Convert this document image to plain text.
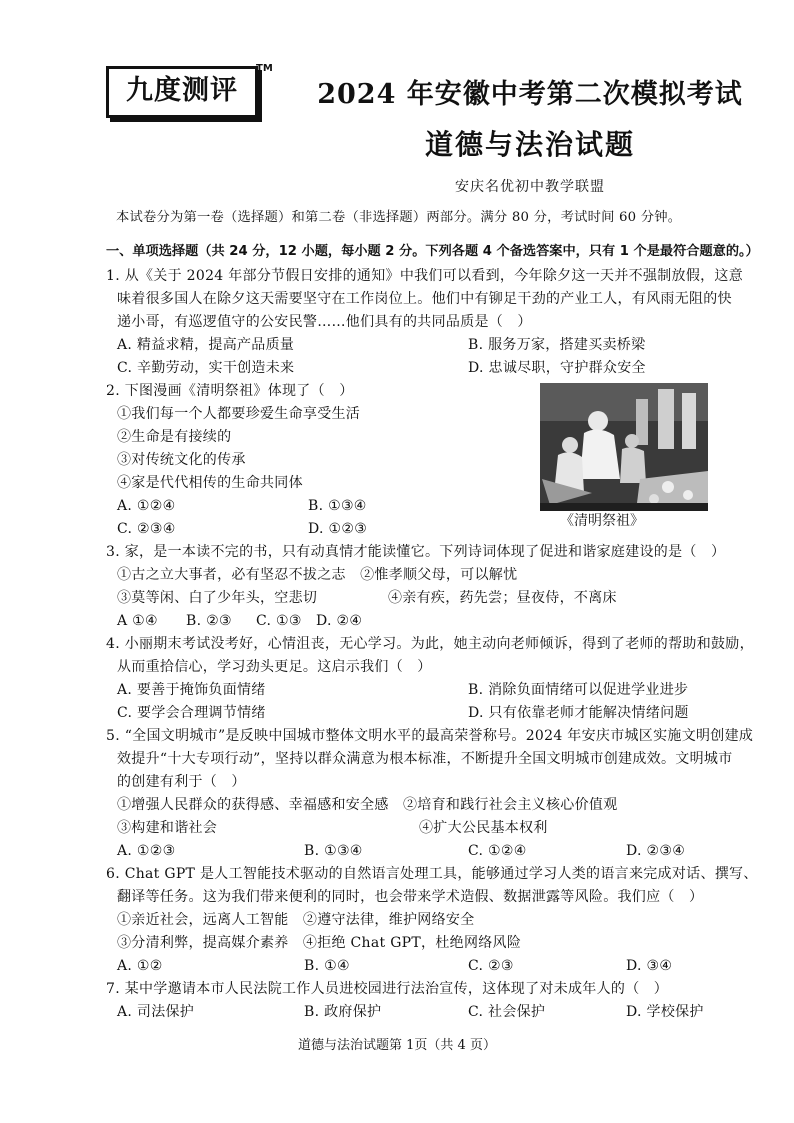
九度测评
TM
2024 年安徽中考第二次模拟考试
道德与法治试题
安庆名优初中教学联盟
本试卷分为第一卷（选择题）和第二卷（非选择题）两部分。满分 80 分，考试时间 60 分钟。
一、单项选择题（共 24 分，12 小题，每小题 2 分。下列各题 4 个备选答案中，只有 1 个是最符合题意的。）
1. 从《关于 2024 年部分节假日安排的通知》中我们可以看到，今年除夕这一天并不强制放假，这意
味着很多国人在除夕这天需要坚守在工作岗位上。他们中有铆足干劲的产业工人，有风雨无阻的快
递小哥，有巡逻值守的公安民警……他们具有的共同品质是（　）
A. 精益求精，提高产品质量	B. 服务万家，搭建买卖桥梁
C. 辛勤劳动，实干创造未来	D. 忠诚尽职，守护群众安全
2. 下图漫画《清明祭祖》体现了（　）
①我们每一个人都要珍爱生命享受生活
②生命是有接续的
③对传统文化的传承
④家是代代相传的生命共同体
A. ①②④	B. ①③④
C. ②③④	D. ①②③	《清明祭祖》
3. 家，是一本读不完的书，只有动真情才能读懂它。下列诗词体现了促进和谐家庭建设的是（　）
①古之立大事者，必有坚忍不拔之志　②惟孝顺父母，可以解忧
③莫等闲、白了少年头，空悲切	④亲有疾，药先尝；昼夜侍，不离床
A ①④ B. ②③ C. ①③ D. ②④
4. 小丽期末考试没考好，心情沮丧，无心学习。为此，她主动向老师倾诉，得到了老师的帮助和鼓励，
从而重拾信心，学习劲头更足。这启示我们（　）
A. 要善于掩饰负面情绪	B. 消除负面情绪可以促进学业进步
C. 要学会合理调节情绪	D. 只有依靠老师才能解决情绪问题
5. “全国文明城市”是反映中国城市整体文明水平的最高荣誉称号。2024 年安庆市城区实施文明创建成
效提升“十大专项行动”，坚持以群众满意为根本标准，不断提升全国文明城市创建成效。文明城市
的创建有利于（　）
①增强人民群众的获得感、幸福感和安全感　②培育和践行社会主义核心价值观
③构建和谐社会	④扩大公民基本权利
A. ①②③	B. ①③④	C. ①②④	D. ②③④
6. Chat GPT 是人工智能技术驱动的自然语言处理工具，能够通过学习人类的语言来完成对话、撰写、
翻译等任务。这为我们带来便利的同时，也会带来学术造假、数据泄露等风险。我们应（　）
①亲近社会，远离人工智能　②遵守法律，维护网络安全
③分清利弊，提高媒介素养　④拒绝 Chat GPT，杜绝网络风险
A. ①②	B. ①④	C. ②③	D. ③④
7. 某中学邀请本市人民法院工作人员进校园进行法治宣传，这体现了对未成年人的（　）
A. 司法保护	B. 政府保护	C. 社会保护	D. 学校保护
道德与法治试题第 1页（共 4 页）
